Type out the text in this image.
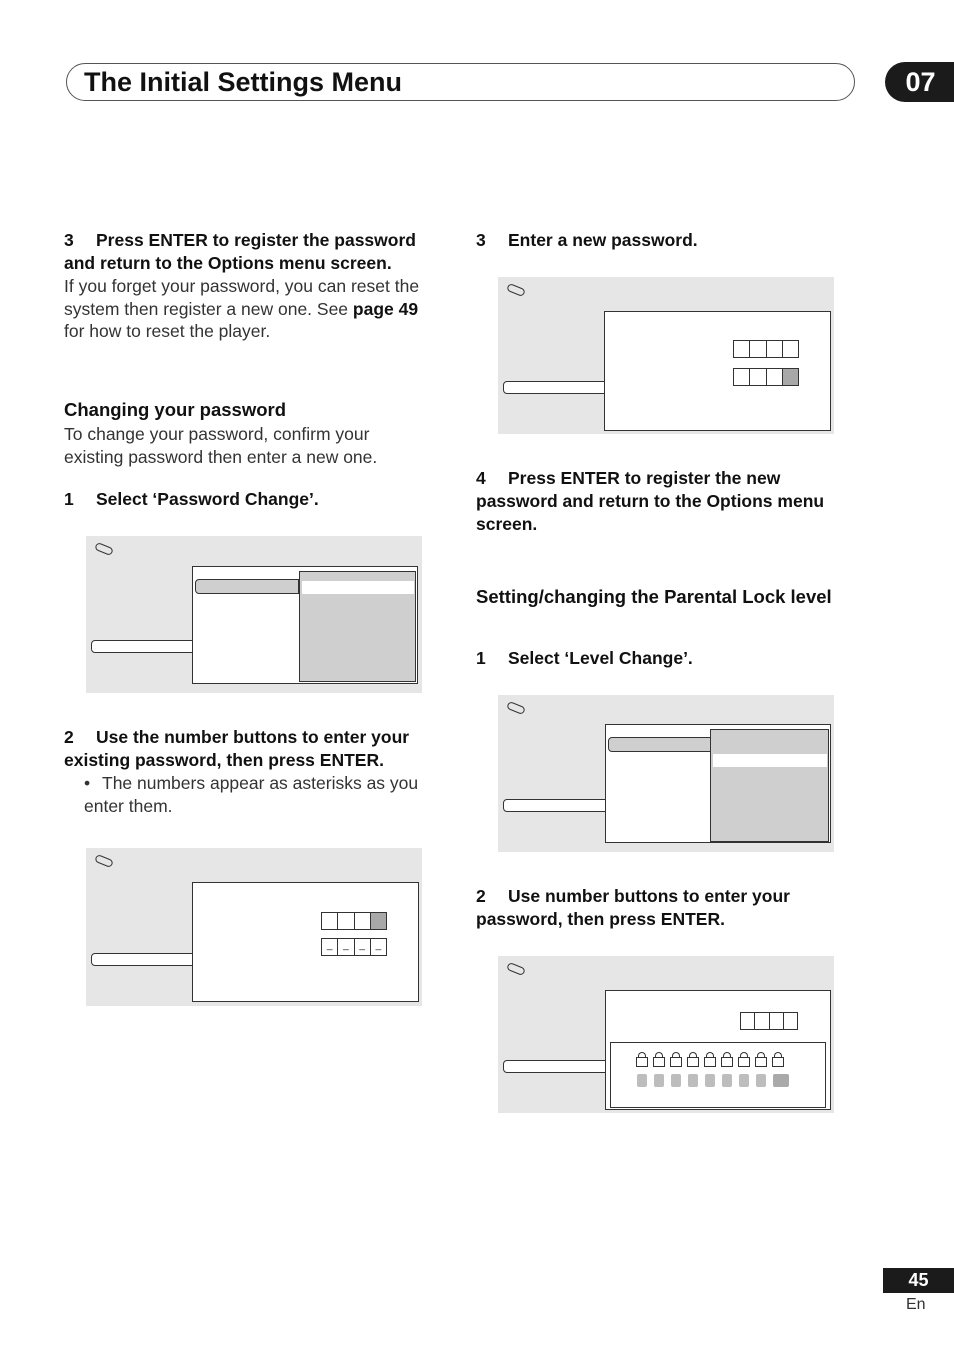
The Initial Settings Menu	07
3 Press ENTER to register the password and return to the Options menu screen.
If you forget your password, you can reset the system then register a new one. See page 49 for how to reset the player.
Changing your password
To change your password, confirm your existing password then enter a new one.
1 Select ‘Password Change’.
2 Use the number buttons to enter your existing password, then press ENTER.
• The numbers appear as asterisks as you enter them.
_	_	_	_
3 Enter a new password.
4 Press ENTER to register the new password and return to the Options menu screen.
Setting/changing the Parental Lock level
1 Select ‘Level Change’.
2 Use number buttons to enter your password, then press ENTER.
45
En
